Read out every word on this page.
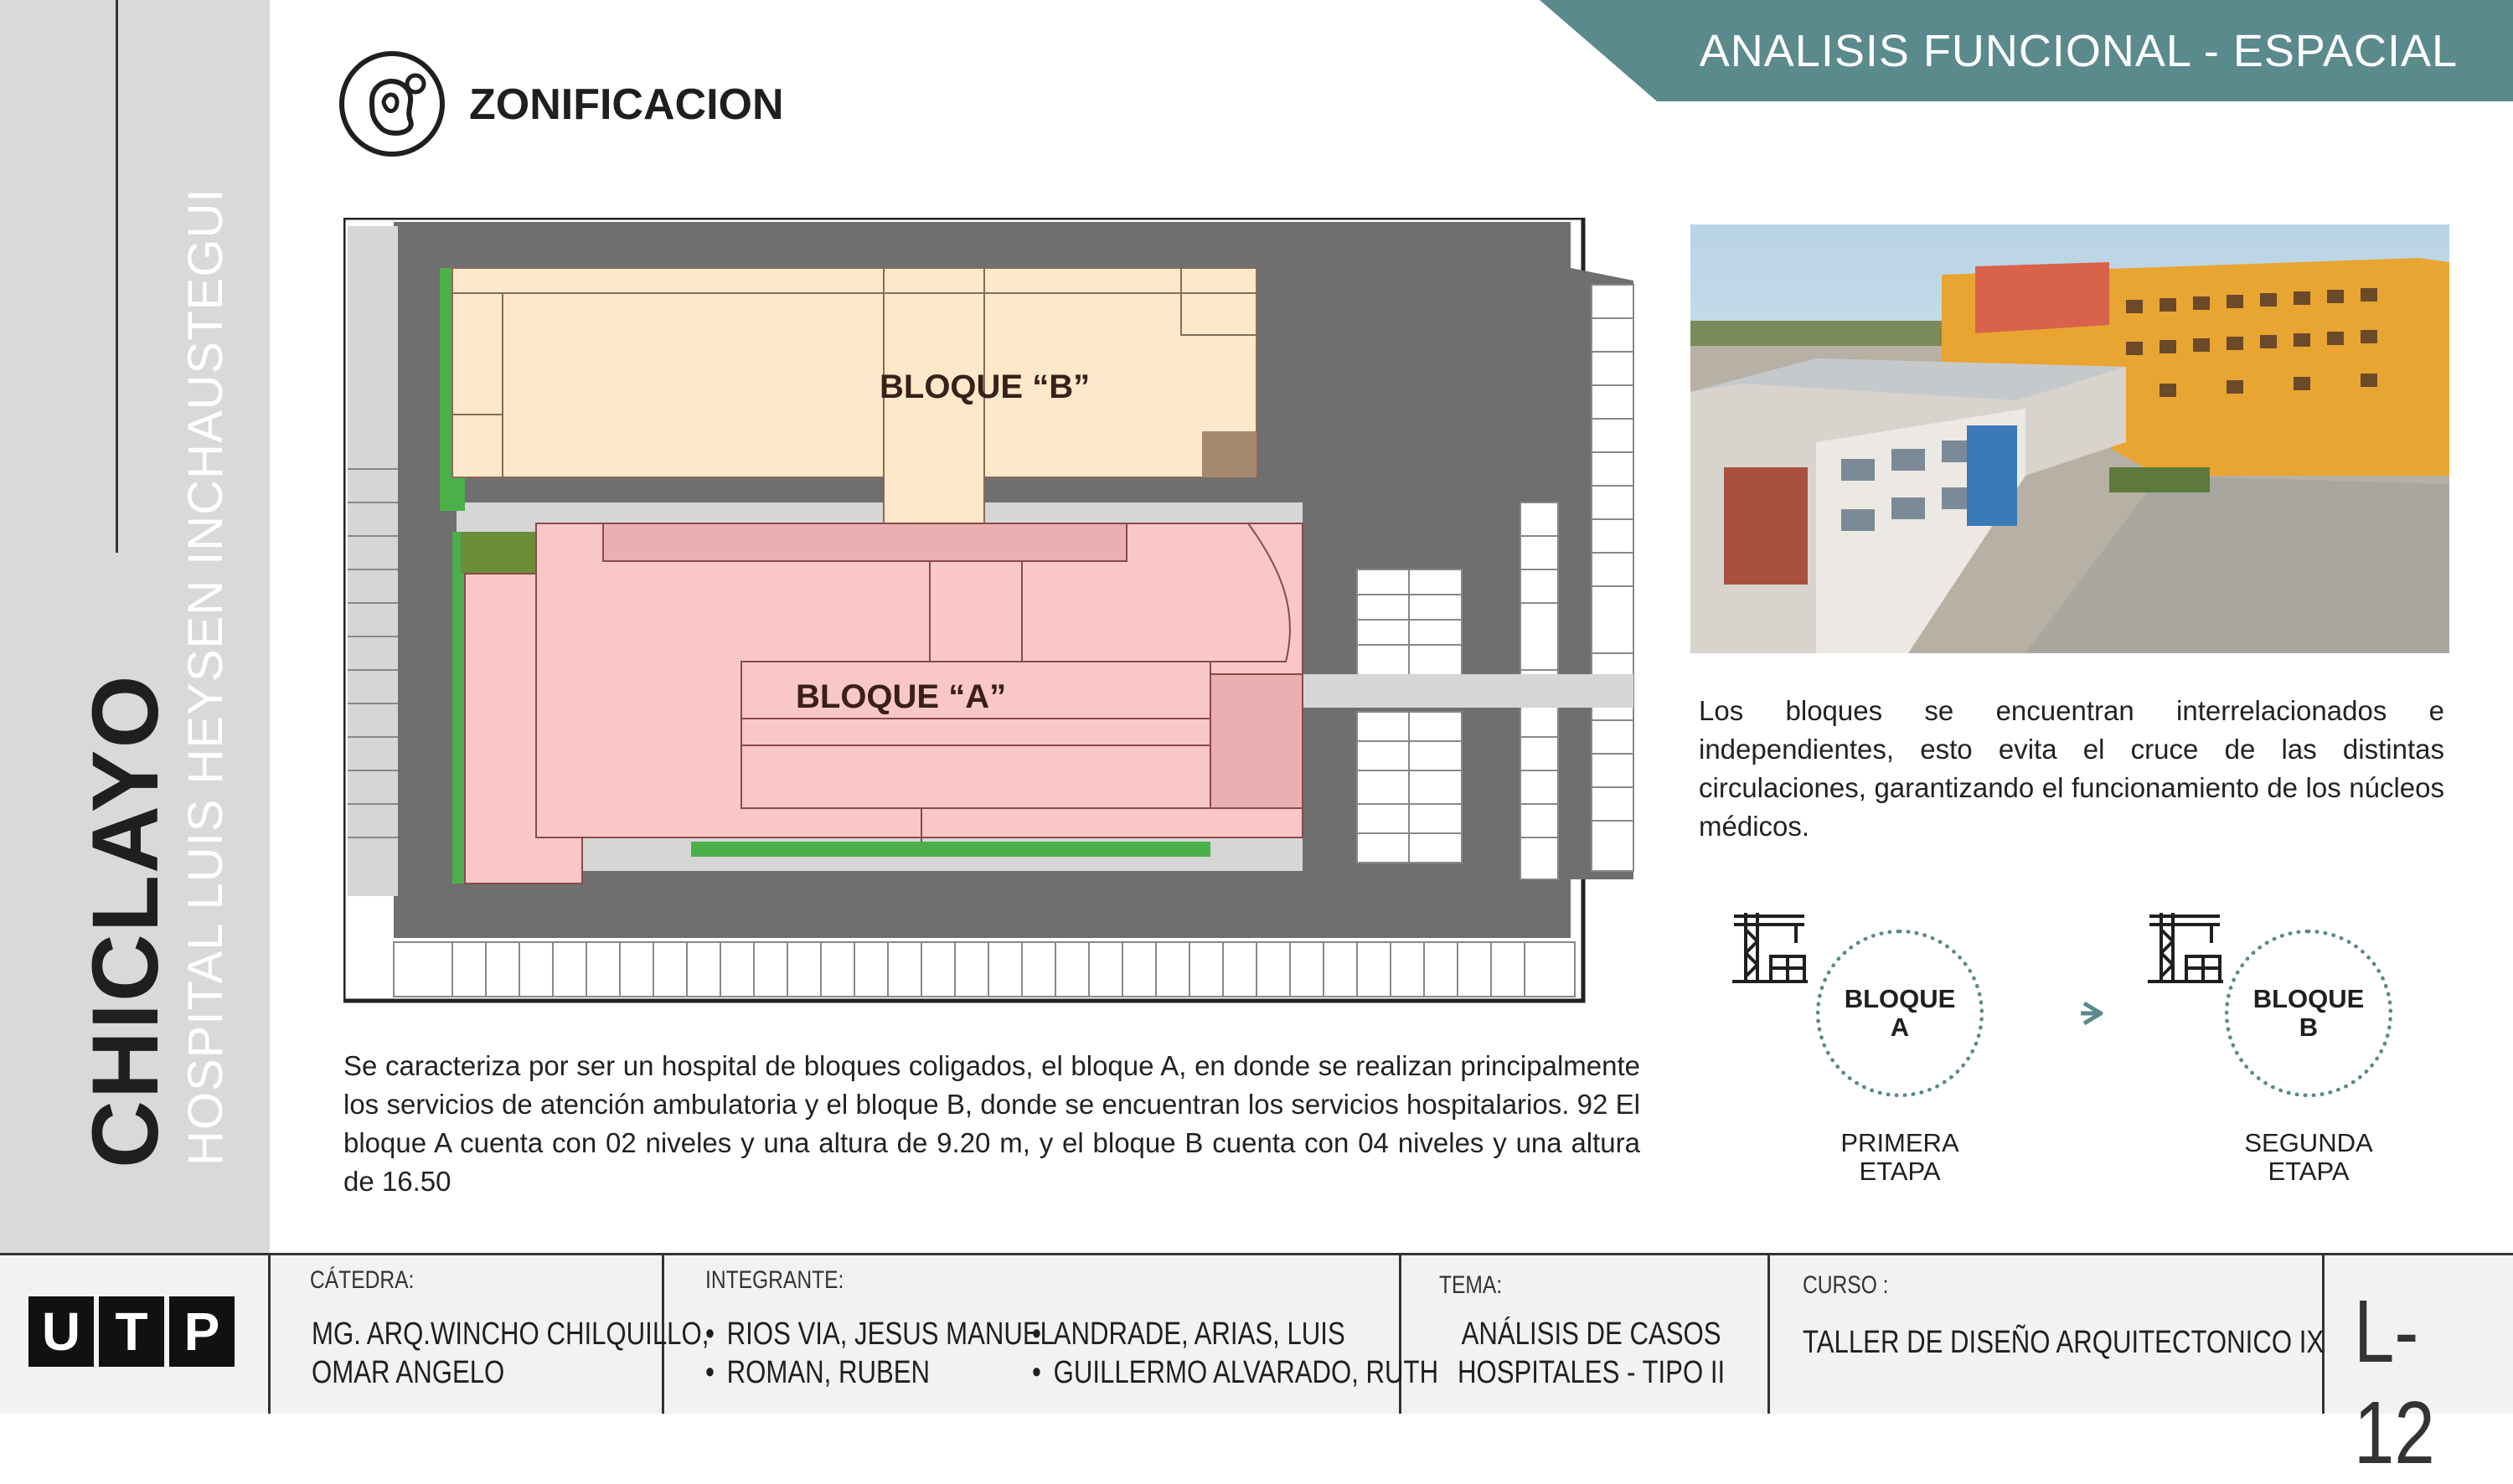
CHICLAYO HOSPITAL LUIS HEYSEN INCHAUSTEGUI
ANALISIS FUNCIONAL - ESPACIAL
ZONIFICACION
BLOQUE “B”
BLOQUE “A”	Los bloques se encuentran interrelacionados e independientes, esto evita el cruce de las distintas circulaciones, garantizando el funcionamiento de los núcleos médicos.
BLOQUE
A
PRIMERA
ETAPA
BLOQUE
B
SEGUNDA
ETAPA
Se caracteriza por ser un hospital de bloques coligados, el bloque A, en donde se realizan principalmente los servicios de atención ambulatoria y el bloque B, donde se encuentran los servicios hospitalarios. 92 El bloque A cuenta con 02 niveles y una altura de 9.20 m, y el bloque B cuenta con 04 niveles y una altura de 16.50
U T P
CÁTEDRA:
MG. ARQ.WINCHO CHILQUILLO,
OMAR ANGELO
INTEGRANTE:
• RIOS VIA, JESUS MANUEL
• ROMAN, RUBEN
• ANDRADE, ARIAS, LUIS
• GUILLERMO ALVARADO, RUTH
TEMA:
ANÁLISIS DE CASOS
HOSPITALES - TIPO II
CURSO :
TALLER DE DISEÑO ARQUITECTONICO IX L-12
